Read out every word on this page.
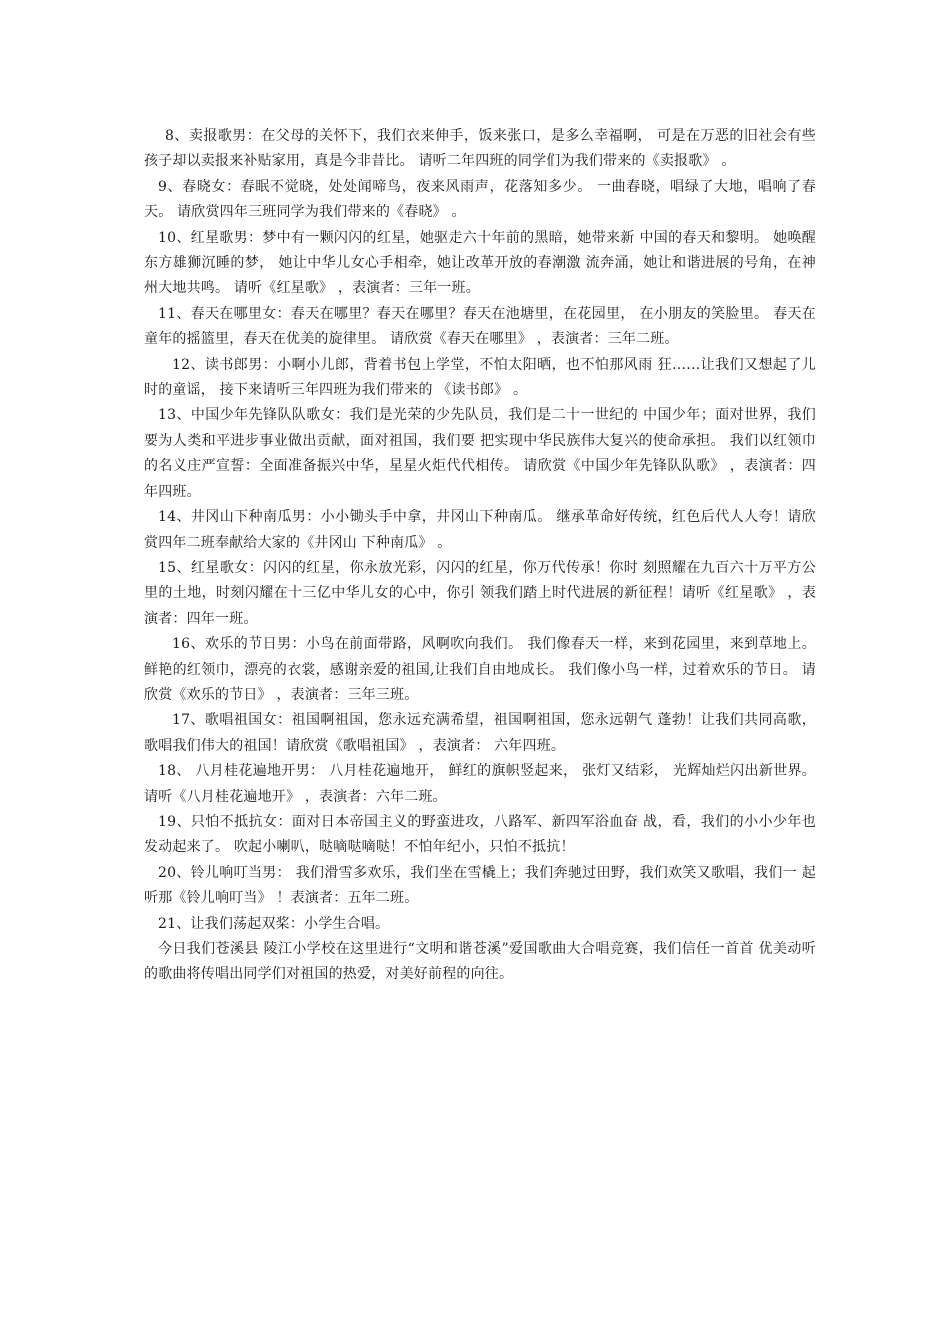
8、卖报歌男：在父母的关怀下，我们衣来伸手，饭来张口，是多么幸福啊， 可是在万恶的旧社会有些孩子却以卖报来补贴家用，真是今非昔比。 请听二年四班的同学们为我们带来的《卖报歌》 。

9、春晓女：春眠不觉晓，处处闻啼鸟，夜来风雨声，花落知多少。 一曲春晓，唱绿了大地，唱响了春天。 请欣赏四年三班同学为我们带来的《春晓》 。

10、红星歌男：梦中有一颗闪闪的红星，她驱走六十年前的黑暗，她带来新 中国的春天和黎明。 她唤醒东方雄狮沉睡的梦， 她让中华儿女心手相牵，她让改革开放的春潮激 流奔涌，她让和谐进展的号角，在神州大地共鸣。 请听《红星歌》 ，表演者：三年一班。

11、春天在哪里女：春天在哪里？春天在哪里？春天在池塘里，在花园里， 在小朋友的笑脸里。 春天在童年的摇篮里，春天在优美的旋律里。 请欣赏《春天在哪里》 ，表演者：三年二班。

12、读书郎男：小啊小儿郎，背着书包上学堂，不怕太阳晒，也不怕那风雨 狂……让我们又想起了儿时的童谣， 接下来请听三年四班为我们带来的 《读书郎》 。

13、中国少年先锋队队歌女：我们是光荣的少先队员，我们是二十一世纪的 中国少年；面对世界，我们要为人类和平进步事业做出贡献，面对祖国，我们要 把实现中华民族伟大复兴的使命承担。 我们以红领巾的名义庄严宣誓：全面准备振兴中华，星星火炬代代相传。 请欣赏《中国少年先锋队队歌》 ，表演者：四年四班。

14、井冈山下种南瓜男：小小锄头手中拿，井冈山下种南瓜。 继承革命好传统，红色后代人人夸！请欣赏四年二班奉献给大家的《井冈山 下种南瓜》 。

15、红星歌女：闪闪的红星，你永放光彩，闪闪的红星，你万代传承！你时 刻照耀在九百六十万平方公里的土地，时刻闪耀在十三亿中华儿女的心中，你引 领我们踏上时代进展的新征程！请听《红星歌》 ，表演者：四年一班。

16、欢乐的节日男：小鸟在前面带路，风啊吹向我们。 我们像春天一样，来到花园里，来到草地上。 鲜艳的红领巾，漂亮的衣裳，感谢亲爱的祖国,让我们自由地成长。 我们像小鸟一样，过着欢乐的节日。 请欣赏《欢乐的节日》 ，表演者：三年三班。

17、歌唱祖国女：祖国啊祖国，您永远充满希望，祖国啊祖国，您永远朝气 蓬勃！让我们共同高歌，歌唱我们伟大的祖国！请欣赏《歌唱祖国》 ，表演者： 六年四班。

18、 八月桂花遍地开男： 八月桂花遍地开， 鲜红的旗帜竖起来， 张灯又结彩， 光辉灿烂闪出新世界。 请听《八月桂花遍地开》 ，表演者：六年二班。

19、只怕不抵抗女：面对日本帝国主义的野蛮进攻，八路军、新四军浴血奋 战，看，我们的小小少年也发动起来了。 吹起小喇叭，哒嘀哒嘀哒！不怕年纪小，只怕不抵抗！

20、铃儿响叮当男： 我们滑雪多欢乐，我们坐在雪橇上；我们奔驰过田野，我们欢笑又歌唱，我们一 起听那《铃儿响叮当》 ！表演者：五年二班。

21、让我们荡起双桨：小学生合唱。

今日我们苍溪县 陵江小学校在这里进行“文明和谐苍溪”爱国歌曲大合唱竞赛，我们信任一首首 优美动听的歌曲将传唱出同学们对祖国的热爱，对美好前程的向往。
